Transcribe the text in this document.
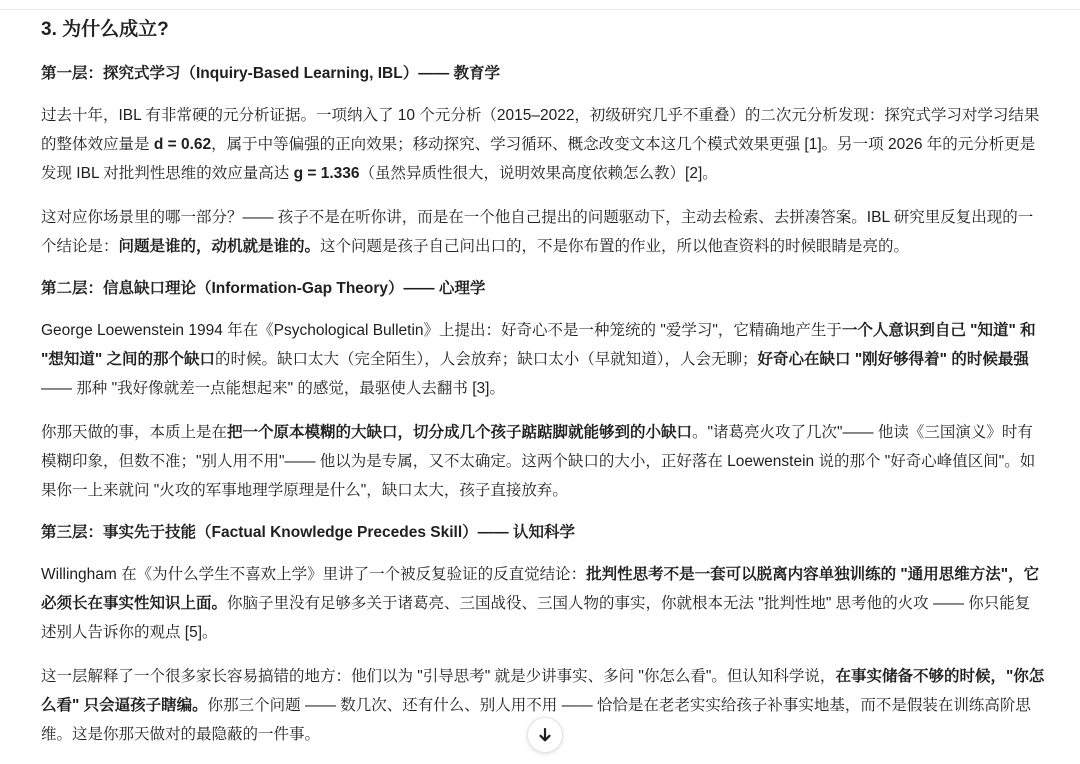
3. 为什么成立?
第一层：探究式学习（Inquiry-Based Learning, IBL）—— 教育学

过去十年，IBL 有非常硬的元分析证据。一项纳入了 10 个元分析（2015–2022，初级研究几乎不重叠）的二次元分析发现：探究式学习对学习结果的整体效应量是 d = 0.62，属于中等偏强的正向效果；移动探究、学习循环、概念改变文本这几个模式效果更强 [1]。另一项 2026 年的元分析更是发现 IBL 对批判性思维的效应量高达 g = 1.336（虽然异质性很大，说明效果高度依赖怎么教）[2]。

这对应你场景里的哪一部分？—— 孩子不是在听你讲，而是在一个他自己提出的问题驱动下，主动去检索、去拼凑答案。IBL 研究里反复出现的一个结论是：问题是谁的，动机就是谁的。这个问题是孩子自己问出口的，不是你布置的作业，所以他查资料的时候眼睛是亮的。

第二层：信息缺口理论（Information-Gap Theory）—— 心理学

George Loewenstein 1994 年在《Psychological Bulletin》上提出：好奇心不是一种笼统的 "爱学习"，它精确地产生于一个人意识到自己 "知道" 和 "想知道" 之间的那个缺口的时候。缺口太大（完全陌生），人会放弃；缺口太小（早就知道），人会无聊；好奇心在缺口 "刚好够得着" 的时候最强—— 那种 "我好像就差一点能想起来" 的感觉，最驱使人去翻书 [3]。

你那天做的事，本质上是在把一个原本模糊的大缺口，切分成几个孩子踮踮脚就能够到的小缺口。"诸葛亮火攻了几次"—— 他读《三国演义》时有模糊印象，但数不准；"别人用不用"—— 他以为是专属，又不太确定。这两个缺口的大小，正好落在 Loewenstein 说的那个 "好奇心峰值区间"。如果你一上来就问 "火攻的军事地理学原理是什么"，缺口太大，孩子直接放弃。

第三层：事实先于技能（Factual Knowledge Precedes Skill）—— 认知科学

Willingham 在《为什么学生不喜欢上学》里讲了一个被反复验证的反直觉结论：批判性思考不是一套可以脱离内容单独训练的 "通用思维方法"，它必须长在事实性知识上面。你脑子里没有足够多关于诸葛亮、三国战役、三国人物的事实，你就根本无法 "批判性地" 思考他的火攻 —— 你只能复述别人告诉你的观点 [5]。

这一层解释了一个很多家长容易搞错的地方：他们以为 "引导思考" 就是少讲事实、多问 "你怎么看"。但认知科学说，在事实储备不够的时候，"你怎么看" 只会逼孩子瞎编。你那三个问题 —— 数几次、还有什么、别人用不用 —— 恰恰是在老老实实给孩子补事实地基，而不是假装在训练高阶思维。这是你那天做对的最隐蔽的一件事。
